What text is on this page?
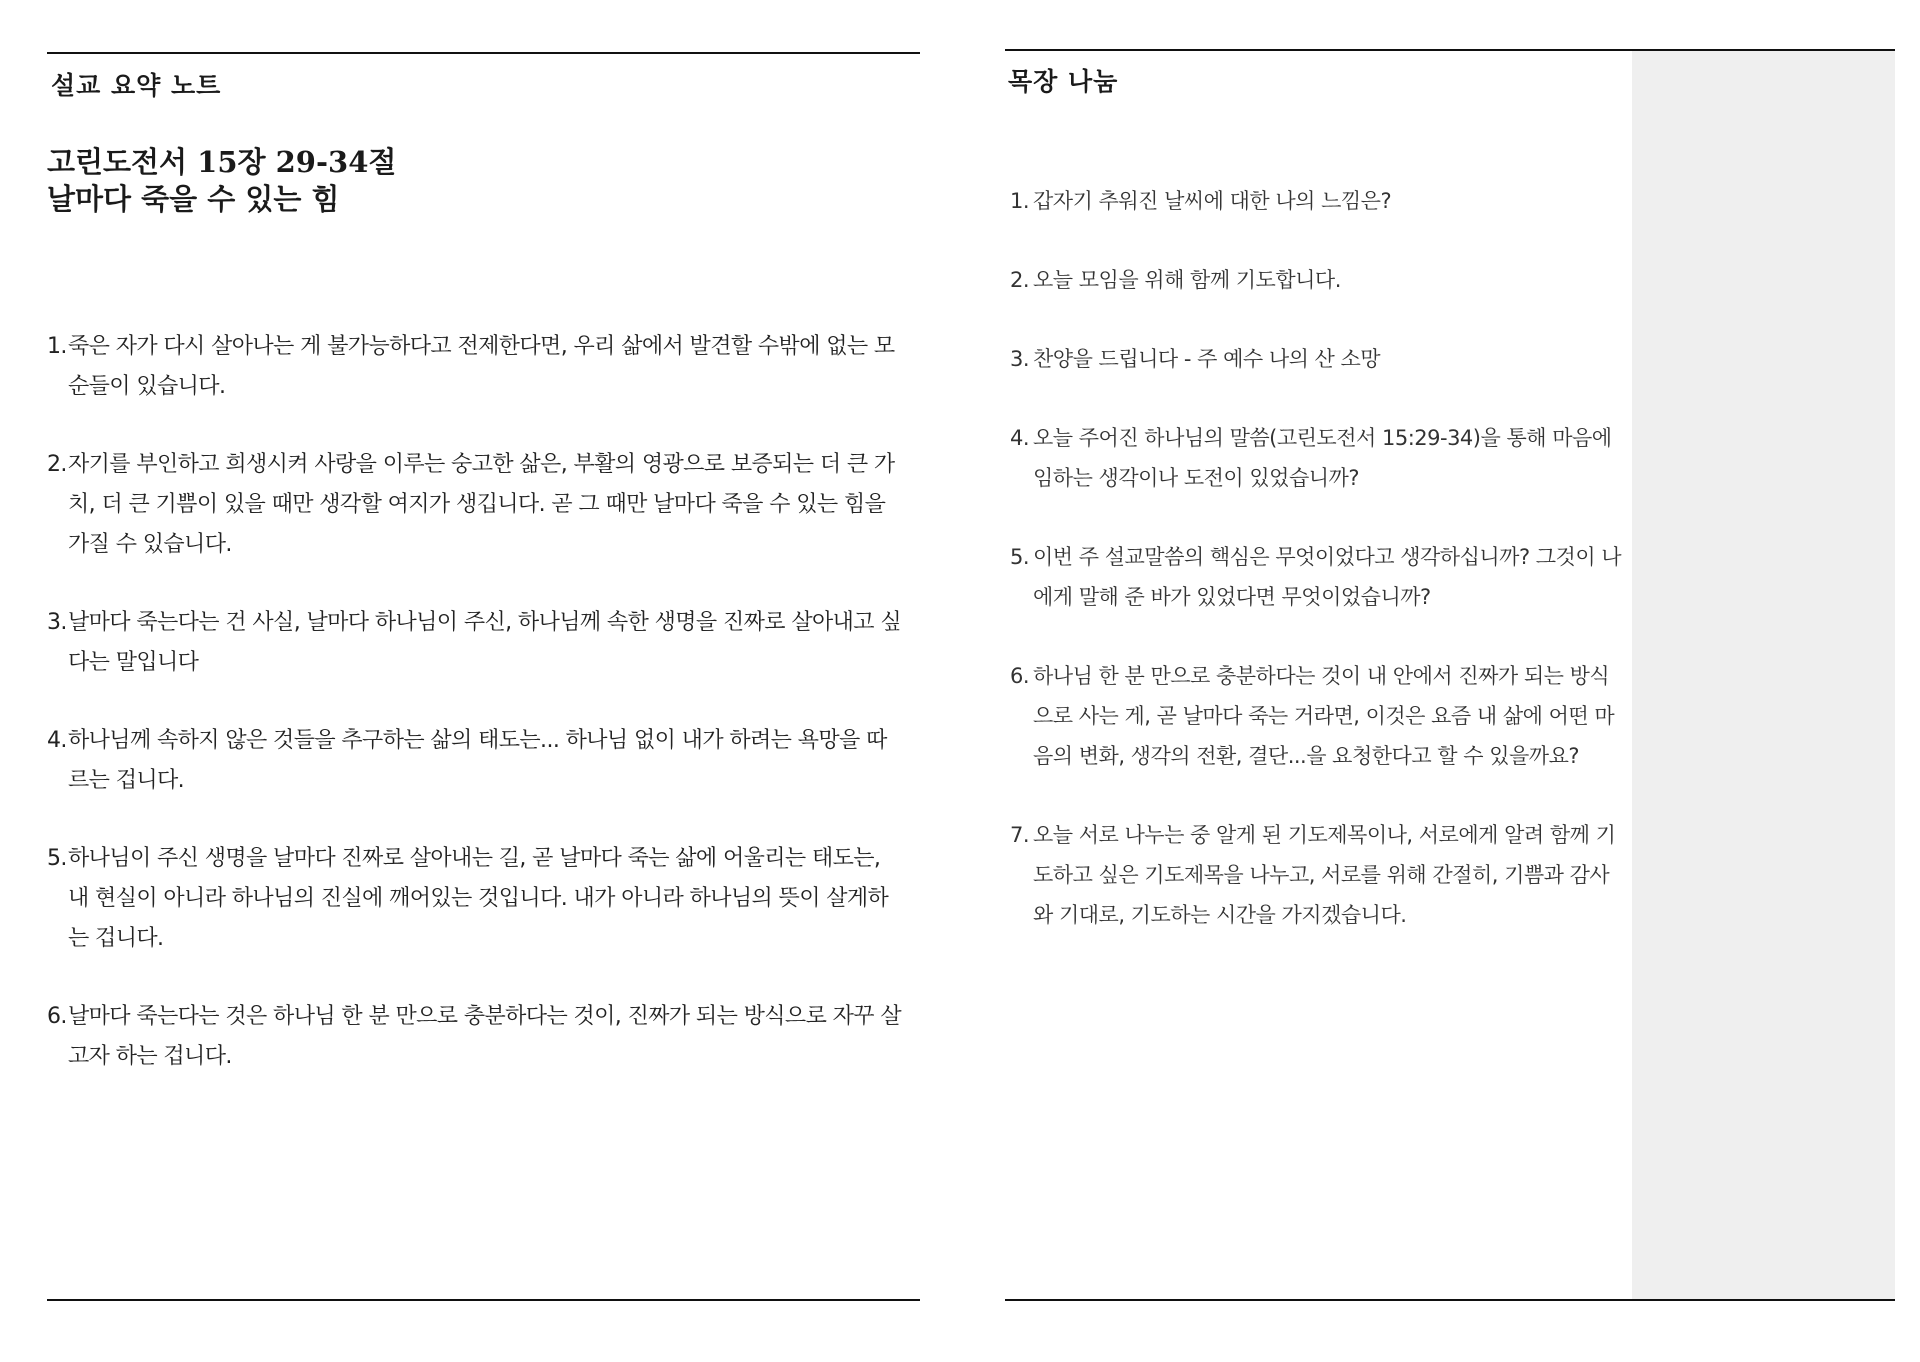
설교 요약 노트
고린도전서 15장 29-34절
날마다 죽을 수 있는 힘
1. 죽은 자가 다시 살아나는 게 불가능하다고 전제한다면, 우리 삶에서 발견할 수밖에 없는 모순들이 있습니다.
2. 자기를 부인하고 희생시켜 사랑을 이루는 숭고한 삶은, 부활의 영광으로 보증되는 더 큰 가치, 더 큰 기쁨이 있을 때만 생각할 여지가 생깁니다. 곧 그 때만 날마다 죽을 수 있는 힘을 가질 수 있습니다.
3. 날마다 죽는다는 건 사실, 날마다 하나님이 주신, 하나님께 속한 생명을 진짜로 살아내고 싶다는 말입니다
4. 하나님께 속하지 않은 것들을 추구하는 삶의 태도는... 하나님 없이 내가 하려는 욕망을 따르는 겁니다.
5. 하나님이 주신 생명을 날마다 진짜로 살아내는 길, 곧 날마다 죽는 삶에 어울리는 태도는, 내 현실이 아니라 하나님의 진실에 깨어있는 것입니다. 내가 아니라 하나님의 뜻이 살게하는 겁니다.
6. 날마다 죽는다는 것은 하나님 한 분 만으로 충분하다는 것이, 진짜가 되는 방식으로 자꾸 살고자 하는 겁니다.
목장 나눔
1. 갑자기 추워진 날씨에 대한 나의 느낌은?
2. 오늘 모임을 위해 함께 기도합니다.
3. 찬양을 드립니다 - 주 예수 나의 산 소망
4. 오늘 주어진 하나님의 말씀(고린도전서 15:29-34)을 통해 마음에 임하는 생각이나 도전이 있었습니까?
5. 이번 주 설교말씀의 핵심은 무엇이었다고 생각하십니까? 그것이 나에게 말해 준 바가 있었다면 무엇이었습니까?
6. 하나님 한 분 만으로 충분하다는 것이 내 안에서 진짜가 되는 방식으로 사는 게, 곧 날마다 죽는 거라면, 이것은 요즘 내 삶에 어떤 마음의 변화, 생각의 전환, 결단...을 요청한다고 할 수 있을까요?
7. 오늘 서로 나누는 중 알게 된 기도제목이나, 서로에게 알려 함께 기도하고 싶은 기도제목을 나누고, 서로를 위해 간절히, 기쁨과 감사와 기대로, 기도하는 시간을 가지겠습니다.
